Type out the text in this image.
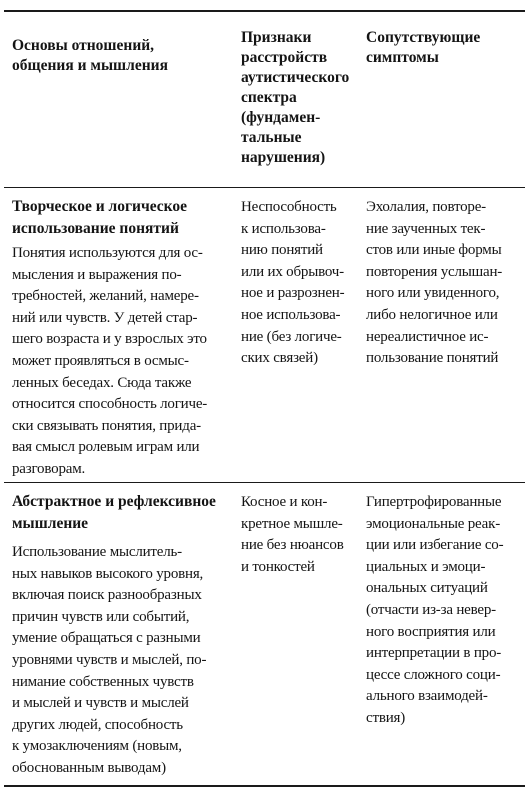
Основы отношений,
общения и мышления
Признаки
расстройств
аутистического
спектра
(фундамен-
тальные
нарушения)
Сопутствующие
симптомы
Творческое и логическое
использование понятий
Понятия используются для ос-
мысления и выражения по-
требностей, желаний, намере-
ний или чувств. У детей стар-
шего возраста и у взрослых это
может проявляться в осмыс-
ленных беседах. Сюда также
относится способность логиче-
ски связывать понятия, прида-
вая смысл ролевым играм или
разговорам.
Неспособность
к использова-
нию понятий
или их обрывоч-
ное и разрознен-
ное использова-
ние (без логиче-
ских связей)
Эхолалия, повторе-
ние заученных тек-
стов или иные формы
повторения услышан-
ного или увиденного,
либо нелогичное или
нереалистичное ис-
пользование понятий
Абстрактное и рефлексивное
мышление
Использование мыслитель-
ных навыков высокого уровня,
включая поиск разнообразных
причин чувств или событий,
умение обращаться с разными
уровнями чувств и мыслей, по-
нимание собственных чувств
и мыслей и чувств и мыслей
других людей, способность
к умозаключениям (новым,
обоснованным выводам)
Косное и кон-
кретное мышле-
ние без нюансов
и тонкостей
Гипертрофированные
эмоциональные реак-
ции или избегание со-
циальных и эмоци-
ональных ситуаций
(отчасти из-за невер-
ного восприятия или
интерпретации в про-
цессе сложного соци-
ального взаимодей-
ствия)
